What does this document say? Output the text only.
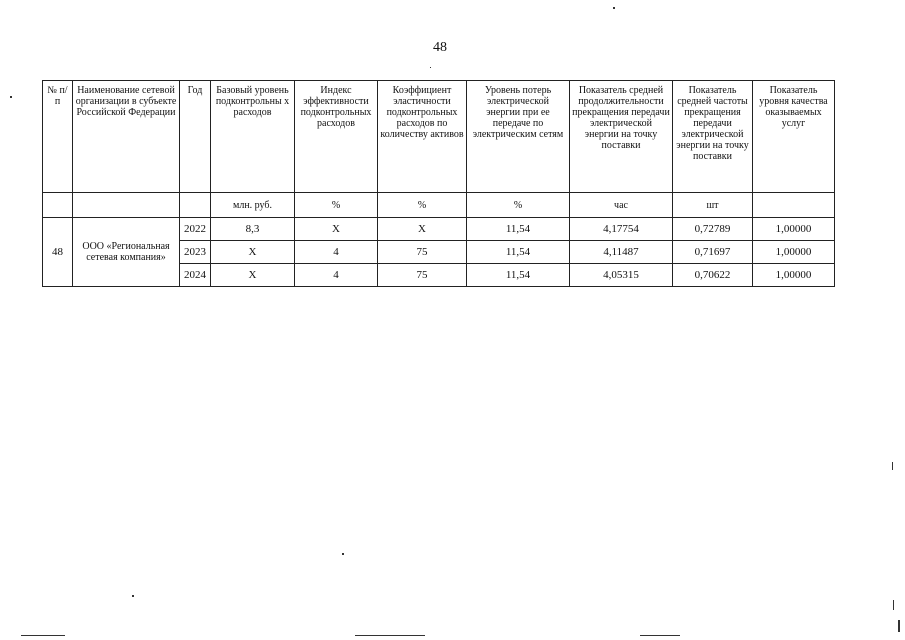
48
№ п/п	Наименование сетевой организации в субъекте Российской Федерации	Год	Базовый уровень подконтрольны х расходов	Индекс эффективности подконтрольных расходов	Коэффициент эластичности подконтрольных расходов по количеству активов	Уровень потерь электрической энергии при ее передаче по электрическим сетям	Показатель средней продолжительности прекращения передачи электрической энергии на точку поставки	Показатель средней частоты прекращения передачи электрической энергии на точку поставки	Показатель уровня качества оказываемых услуг
			млн. руб.	%	%	%	час	шт	
48	ООО «Региональная сетевая компания»	2022	8,3	X	X	11,54	4,17754	0,72789	1,00000
		2023	X	4	75	11,54	4,11487	0,71697	1,00000
		2024	X	4	75	11,54	4,05315	0,70622	1,00000
